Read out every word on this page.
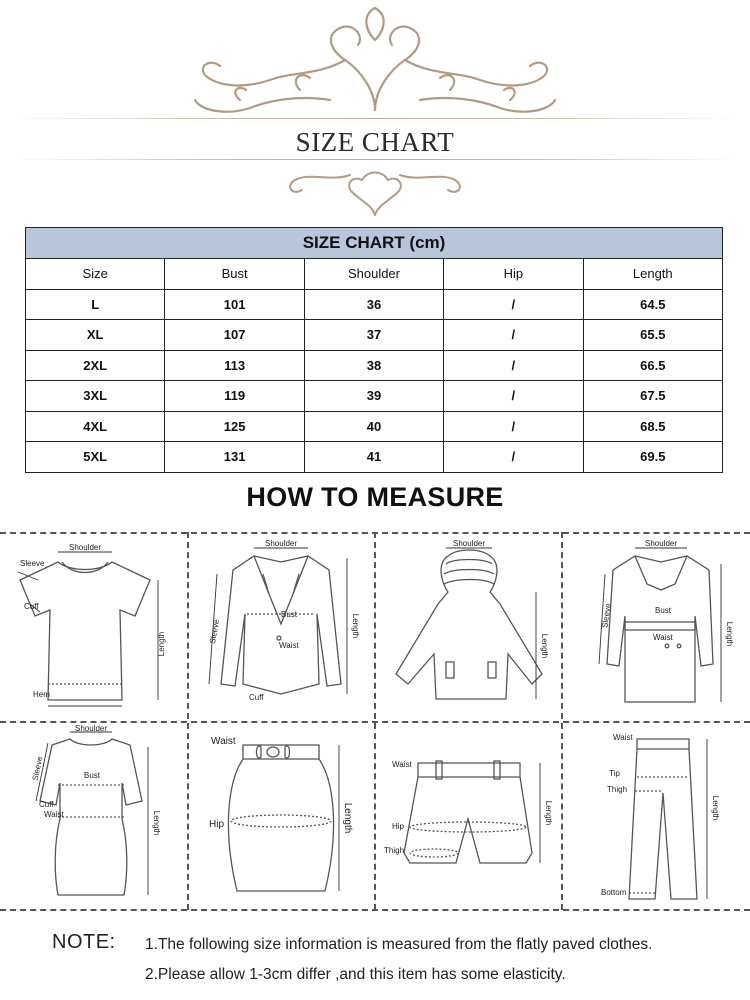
SIZE CHART
SIZE CHART (cm)				
Size	Bust	Shoulder	Hip	Length
L	101	36	/	64.5
XL	107	37	/	65.5
2XL	113	38	/	66.5
3XL	119	39	/	67.5
4XL	125	40	/	68.5
5XL	131	41	/	69.5
HOW TO MEASURE
Shoulder
Sleeve
Cuff
Length
Hem
Shoulder
Bust
Sleeve
Waist
Length
Cuff
Shoulder
Length
Shoulder
Sleeve	Bust
Waist	Length
Shoulder
Sleeve	Bust
Cuff
Waist	Length
Waist
Hip	Length
Waist
Hip
Thigh
Length
Waist
Tip
Thigh
Length
Bottom
NOTE: 1.The following size information is measured from the flatly paved clothes.
2.Please allow 1-3cm differ ,and this item has some elasticity.
